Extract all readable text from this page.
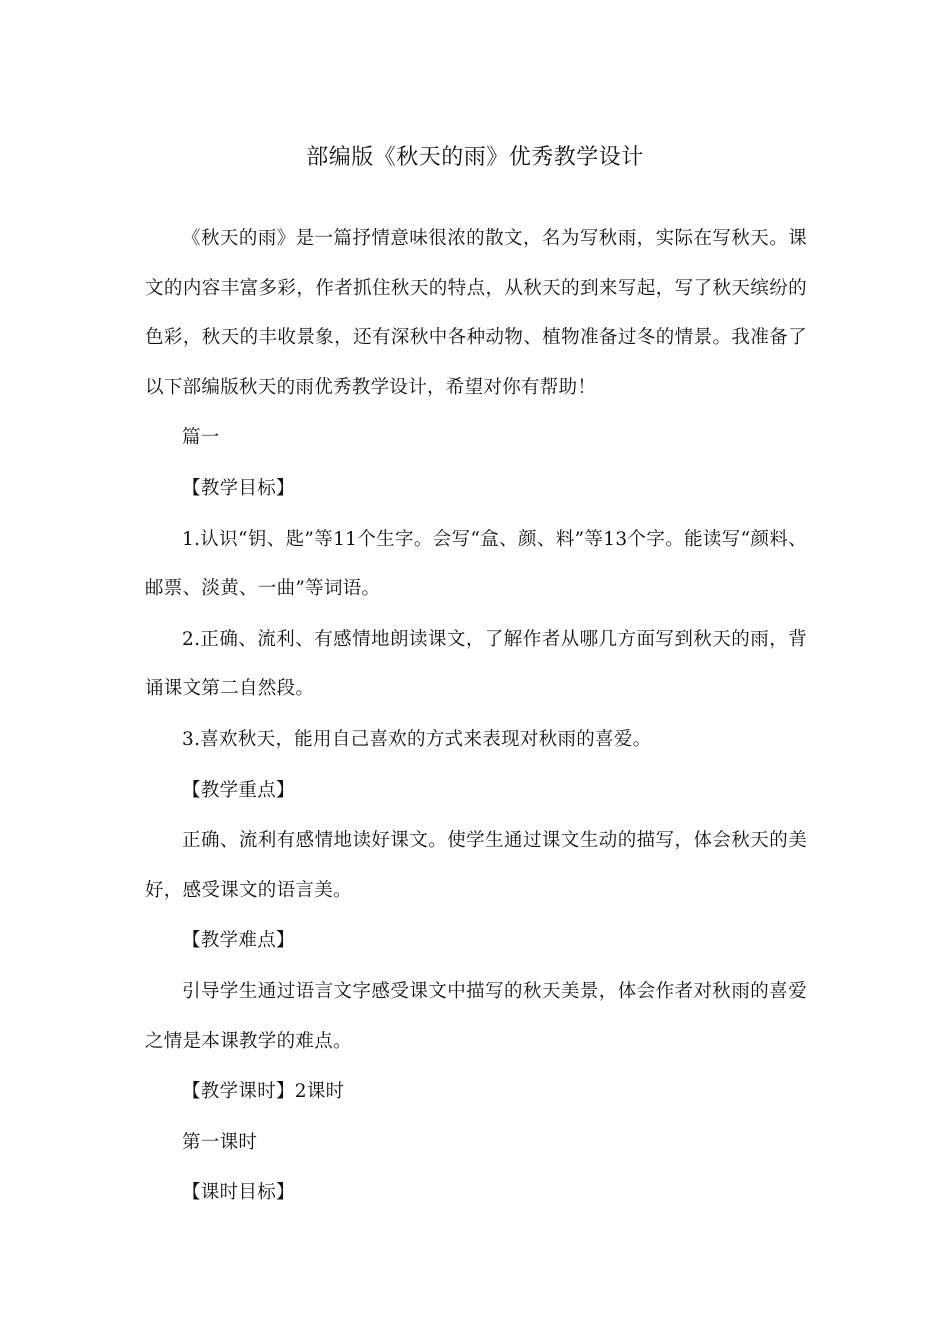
部编版《秋天的雨》优秀教学设计

《秋天的雨》是一篇抒情意味很浓的散文，名为写秋雨，实际在写秋天。课文的内容丰富多彩，作者抓住秋天的特点，从秋天的到来写起，写了秋天缤纷的色彩，秋天的丰收景象，还有深秋中各种动物、植物准备过冬的情景。我准备了以下部编版秋天的雨优秀教学设计，希望对你有帮助！

篇一

【教学目标】

1.认识“钥、匙”等11个生字。会写“盒、颜、料”等13个字。能读写“颜料、邮票、淡黄、一曲”等词语。

2.正确、流利、有感情地朗读课文，了解作者从哪几方面写到秋天的雨，背诵课文第二自然段。

3.喜欢秋天，能用自己喜欢的方式来表现对秋雨的喜爱。

【教学重点】

正确、流利有感情地读好课文。使学生通过课文生动的描写，体会秋天的美好，感受课文的语言美。

【教学难点】

引导学生通过语言文字感受课文中描写的秋天美景，体会作者对秋雨的喜爱之情是本课教学的难点。

【教学课时】2课时

第一课时

【课时目标】
